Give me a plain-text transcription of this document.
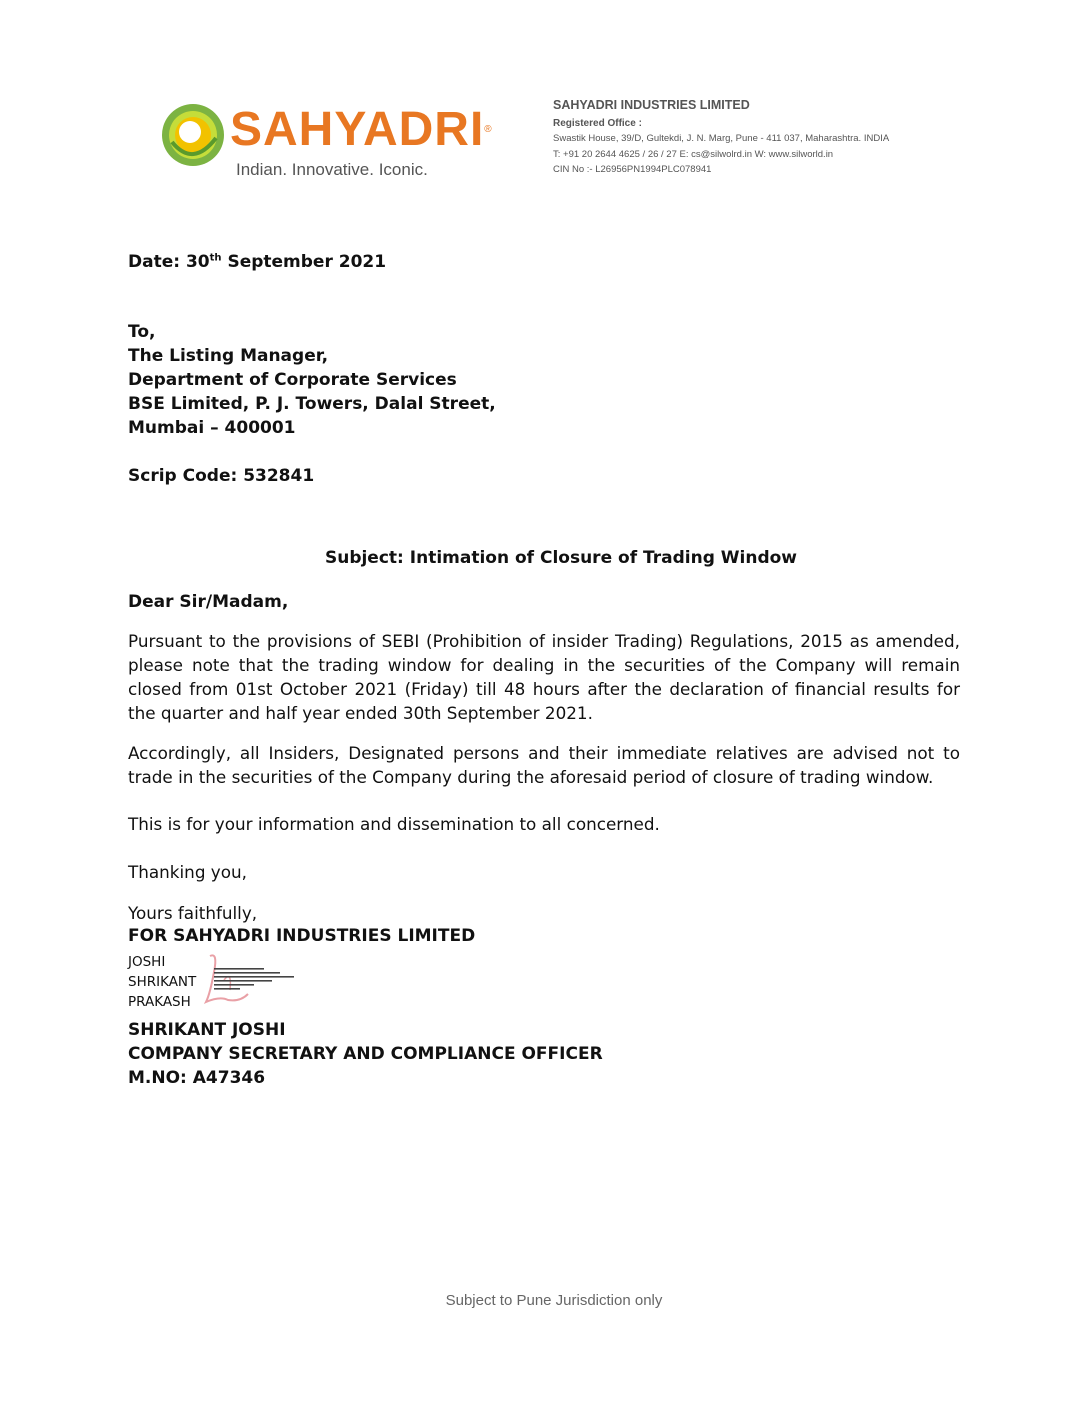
SAHYADRI®
Indian. Innovative. Iconic.
SAHYADRI INDUSTRIES LIMITED
Registered Office :
Swastik House, 39/D, Gultekdi, J. N. Marg, Pune - 411 037, Maharashtra. INDIA
T: +91 20 2644 4625 / 26 / 27 E: cs@silwolrd.in W: www.silworld.in
CIN No :- L26956PN1994PLC078941
Date: 30th September 2021
To,
The Listing Manager,
Department of Corporate Services
BSE Limited, P. J. Towers, Dalal Street,
Mumbai – 400001
Scrip Code: 532841
Subject: Intimation of Closure of Trading Window
Dear Sir/Madam,
Pursuant to the provisions of SEBI (Prohibition of insider Trading) Regulations, 2015 as amended, please note that the trading window for dealing in the securities of the Company will remain closed from 01st October 2021 (Friday) till 48 hours after the declaration of financial results for the quarter and half year ended 30th September 2021.
Accordingly, all Insiders, Designated persons and their immediate relatives are advised not to trade in the securities of the Company during the aforesaid period of closure of trading window.
This is for your information and dissemination to all concerned.
Thanking you,
Yours faithfully,
FOR SAHYADRI INDUSTRIES LIMITED
JOSHI
SHRIKANT
PRAKASH
SHRIKANT JOSHI
COMPANY SECRETARY AND COMPLIANCE OFFICER
M.NO: A47346
Subject to Pune Jurisdiction only
